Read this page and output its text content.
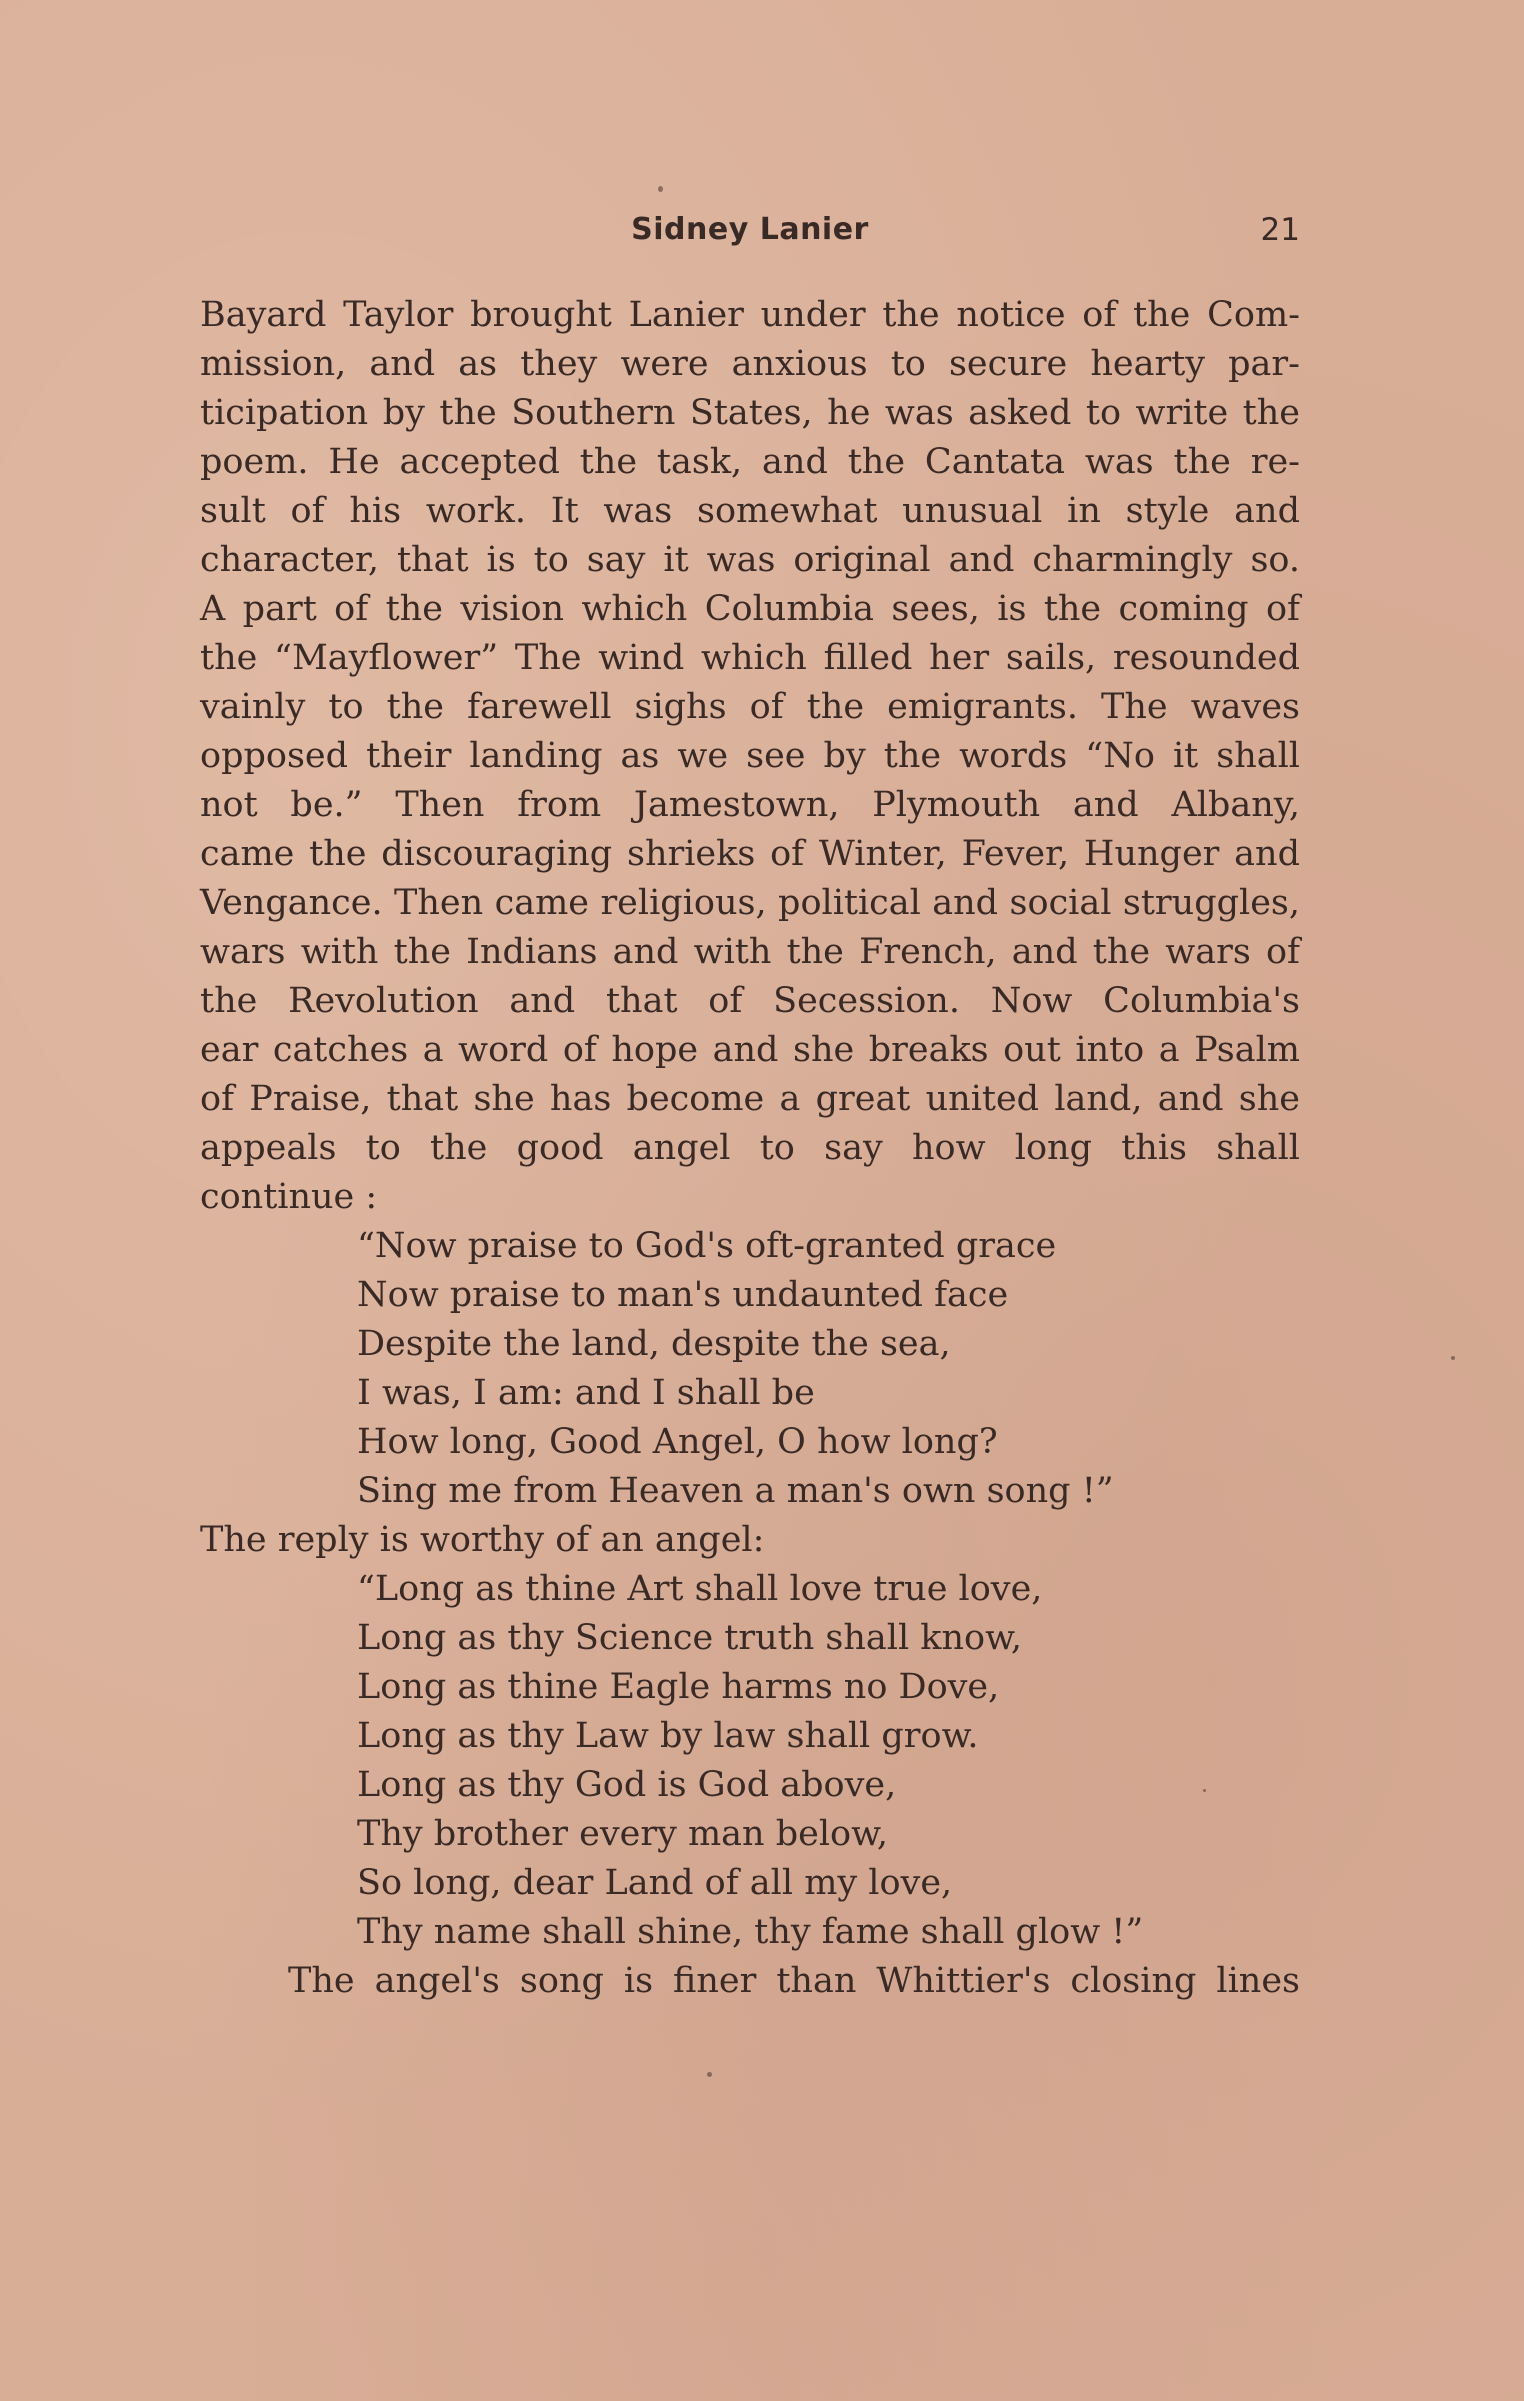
Sidney Lanier	21
Bayard Taylor brought Lanier under the notice of the Com-
mission, and as they were anxious to secure hearty par-
ticipation by the Southern States, he was asked to write the
poem. He accepted the task, and the Cantata was the re-
sult of his work. It was somewhat unusual in style and
character, that is to say it was original and charmingly so.
A part of the vision which Columbia sees, is the coming of
the “Mayflower” The wind which filled her sails, resounded
vainly to the farewell sighs of the emigrants. The waves
opposed their landing as we see by the words “No it shall
not be.” Then from Jamestown, Plymouth and Albany,
came the discouraging shrieks of Winter, Fever, Hunger and
Vengance. Then came religious, political and social struggles,
wars with the Indians and with the French, and the wars of
the Revolution and that of Secession. Now Columbia's
ear catches a word of hope and she breaks out into a Psalm
of Praise, that she has become a great united land, and she
appeals to the good angel to say how long this shall
continue :
“Now praise to God's oft-granted grace
Now praise to man's undaunted face
Despite the land, despite the sea,
I was, I am: and I shall be
How long, Good Angel, O how long?
Sing me from Heaven a man's own song !”
The reply is worthy of an angel:
“Long as thine Art shall love true love,
Long as thy Science truth shall know,
Long as thine Eagle harms no Dove,
Long as thy Law by law shall grow.
Long as thy God is God above,
Thy brother every man below,
So long, dear Land of all my love,
Thy name shall shine, thy fame shall glow !”
The angel's song is finer than Whittier's closing lines
